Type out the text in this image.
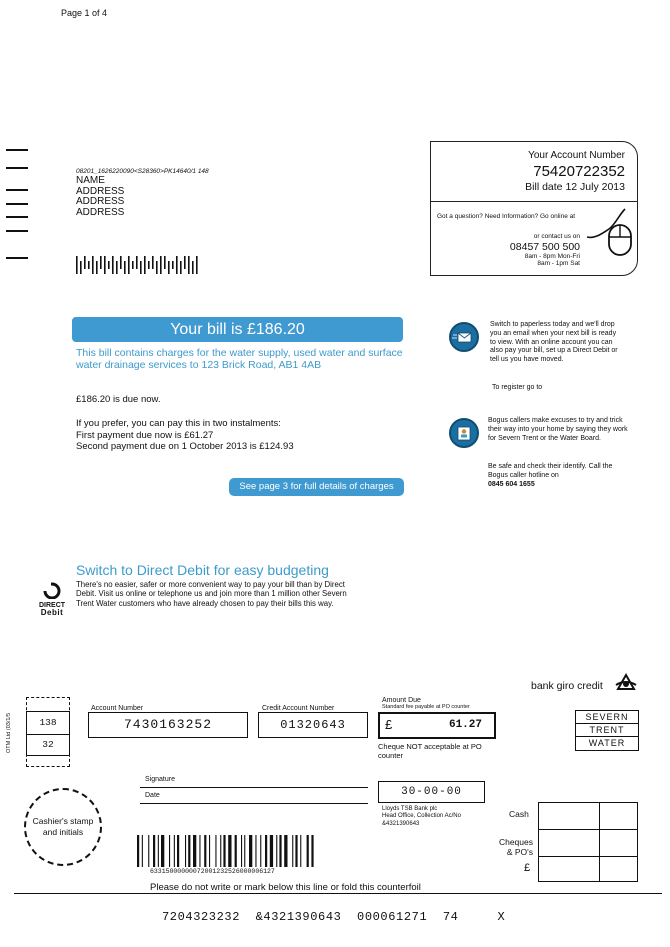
Page 1 of 4
08201_1626220090<S28360>PK14640/1 148
NAME
ADDRESS
ADDRESS
ADDRESS
Your Account Number
75420722352
Bill date 12 July 2013
Got a question? Need Information? Go online at
or contact us on
08457 500 500
8am - 8pm Mon-Fri
8am - 1pm Sat
Your bill is £186.20
This bill contains charges for the water supply, used water and surface water drainage services to 123 Brick Road, AB1 4AB
£186.20 is due now.
If you prefer, you can pay this in two instalments:
First payment due now is £61.27
Second payment due on 1 October 2013 is £124.93
See page 3 for full details of charges
Switch to paperless today and we'll drop you an email when your next bill is ready to view. With an online account you can also pay your bill, set up a Direct Debit or tell us you have moved.
To register go to
Bogus callers make excuses to try and trick their way into your home by saying they work for Severn Trent or the Water Board.
Be safe and check their identify. Call the Bogus caller hotline on
0845 604 1655
Switch to Direct Debit for easy budgeting
There's no easier, safer or more convenient way to pay your bill than by Direct Debit. Visit us online or telephone us and join more than 1 million other Severn Trent Water customers who have already chosen to pay their bills this way.
DIRECT
Debit
bank giro credit
OTM Ltd (03/1/5	138
32
Account Number
7430163252
Credit Account Number
01320643
Amount Due
Standard fee payable at PO counter
£	61.27
Cheque NOT acceptable at PO counter
SEVERN
TRENT
WATER
Signature
Date	30-00-00
Lloyds TSB Bank plc
Head Office, Collection Ac/No
&4321390643
Cashier's stamp and initials
Cash
Cheques & PO's
£
63315000000072001232526000006127
Please do not write or mark below this line or fold this counterfoil
7204323232  &4321390643  000061271  74     X
